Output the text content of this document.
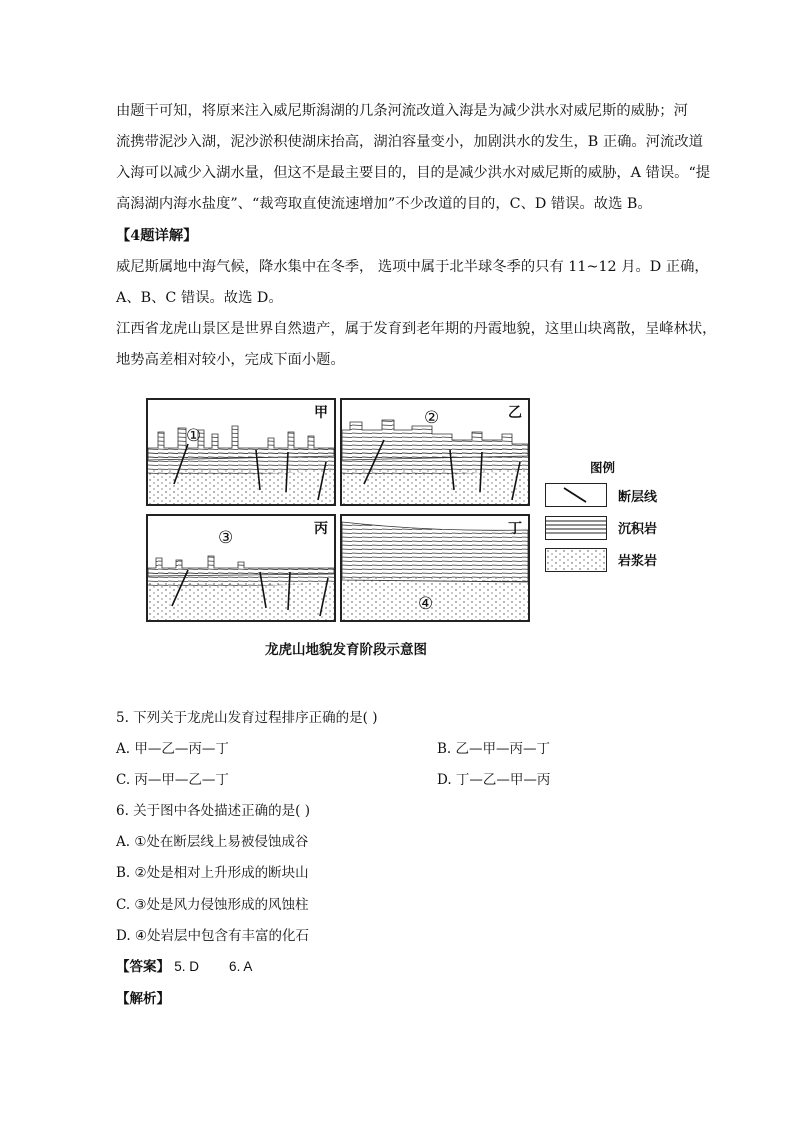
由题干可知，将原来注入威尼斯潟湖的几条河流改道入海是为减少洪水对威尼斯的威胁；河
流携带泥沙入湖，泥沙淤积使湖床抬高，湖泊容量变小，加剧洪水的发生，B 正确。河流改道
入海可以减少入湖水量，但这不是最主要目的，目的是减少洪水对威尼斯的威胁，A 错误。“提
高潟湖内海水盐度”、“裁弯取直使流速增加”不少改道的目的，C、D 错误。故选 B。
【4题详解】
威尼斯属地中海气候，降水集中在冬季， 选项中属于北半球冬季的只有 11~12 月。D 正确，
A、B、C 错误。故选 D。
江西省龙虎山景区是世界自然遗产，属于发育到老年期的丹霞地貌，这里山块离散，呈峰林状，
地势高差相对较小，完成下面小题。
甲
①
乙
②
丙
③	丁
④
图例
断层线
沉积岩
岩浆岩
龙虎山地貌发育阶段示意图
5. 下列关于龙虎山发育过程排序正确的是( )
A. 甲—乙—丙—丁	B. 乙—甲—丙—丁
C. 丙—甲—乙—丁	D. 丁—乙—甲—丙
6. 关于图中各处描述正确的是( )
A. ①处在断层线上易被侵蚀成谷
B. ②处是相对上升形成的断块山
C. ③处是风力侵蚀形成的风蚀柱
D. ④处岩层中包含有丰富的化石
【答案】 5. D        6. A
【解析】
